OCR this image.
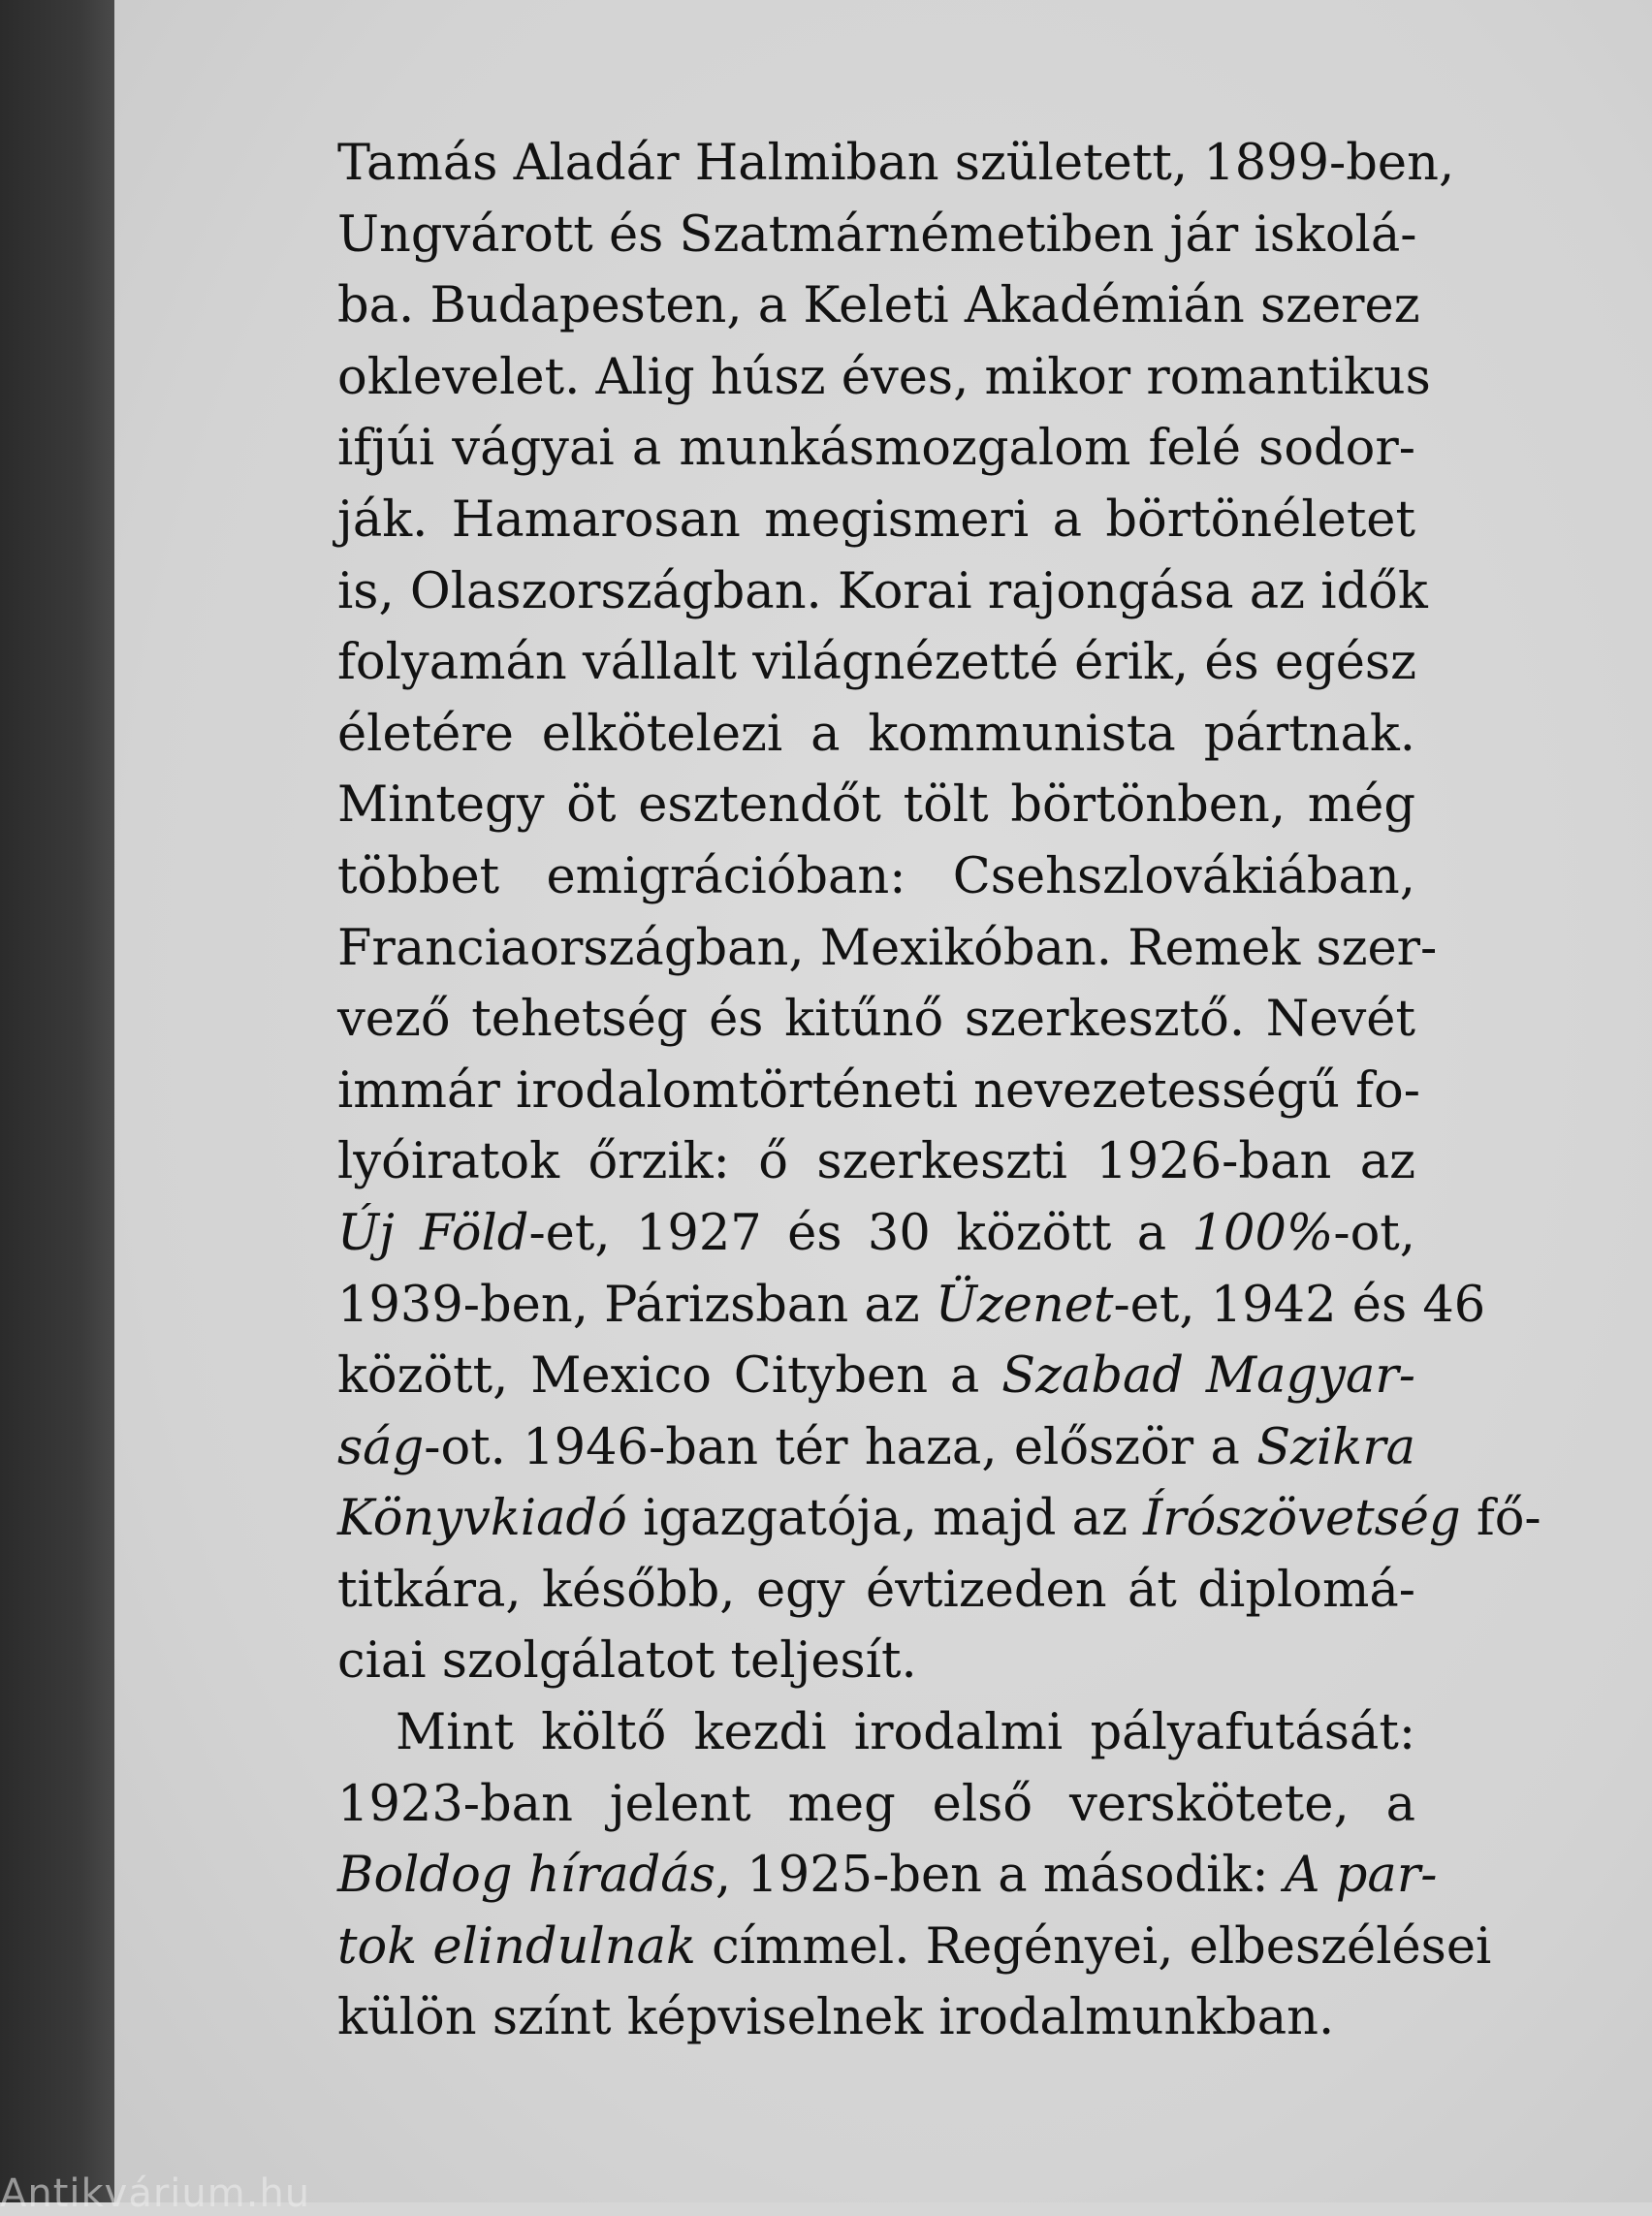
Tamás Aladár Halmiban született, 1899-ben,
Ungvárott és Szatmárnémetiben jár iskolá-
ba. Budapesten, a Keleti Akadémián szerez
oklevelet. Alig húsz éves, mikor romantikus
ifjúi vágyai a munkásmozgalom felé sodor-
ják. Hamarosan megismeri a börtönéletet
is, Olaszországban. Korai rajongása az idők
folyamán vállalt világnézetté érik, és egész
életére elkötelezi a kommunista pártnak.
Mintegy öt esztendőt tölt börtönben, még
többet emigrációban: Csehszlovákiában,
Franciaországban, Mexikóban. Remek szer-
vező tehetség és kitűnő szerkesztő. Nevét
immár irodalomtörténeti nevezetességű fo-
lyóiratok őrzik: ő szerkeszti 1926-ban az
Új Föld-et, 1927 és 30 között a 100%-ot,
1939-ben, Párizsban az Üzenet-et, 1942 és 46
között, Mexico Cityben a Szabad Magyar-
ság-ot. 1946-ban tér haza, először a Szikra
Könyvkiadó igazgatója, majd az Írószövetség fő-
titkára, később, egy évtizeden át diplomá-
ciai szolgálatot teljesít.
Mint költő kezdi irodalmi pályafutását:
1923-ban jelent meg első verskötete, a
Boldog híradás, 1925-ben a második: A par-
tok elindulnak címmel. Regényei, elbeszélései
külön színt képviselnek irodalmunkban.
Antikvárium.hu
